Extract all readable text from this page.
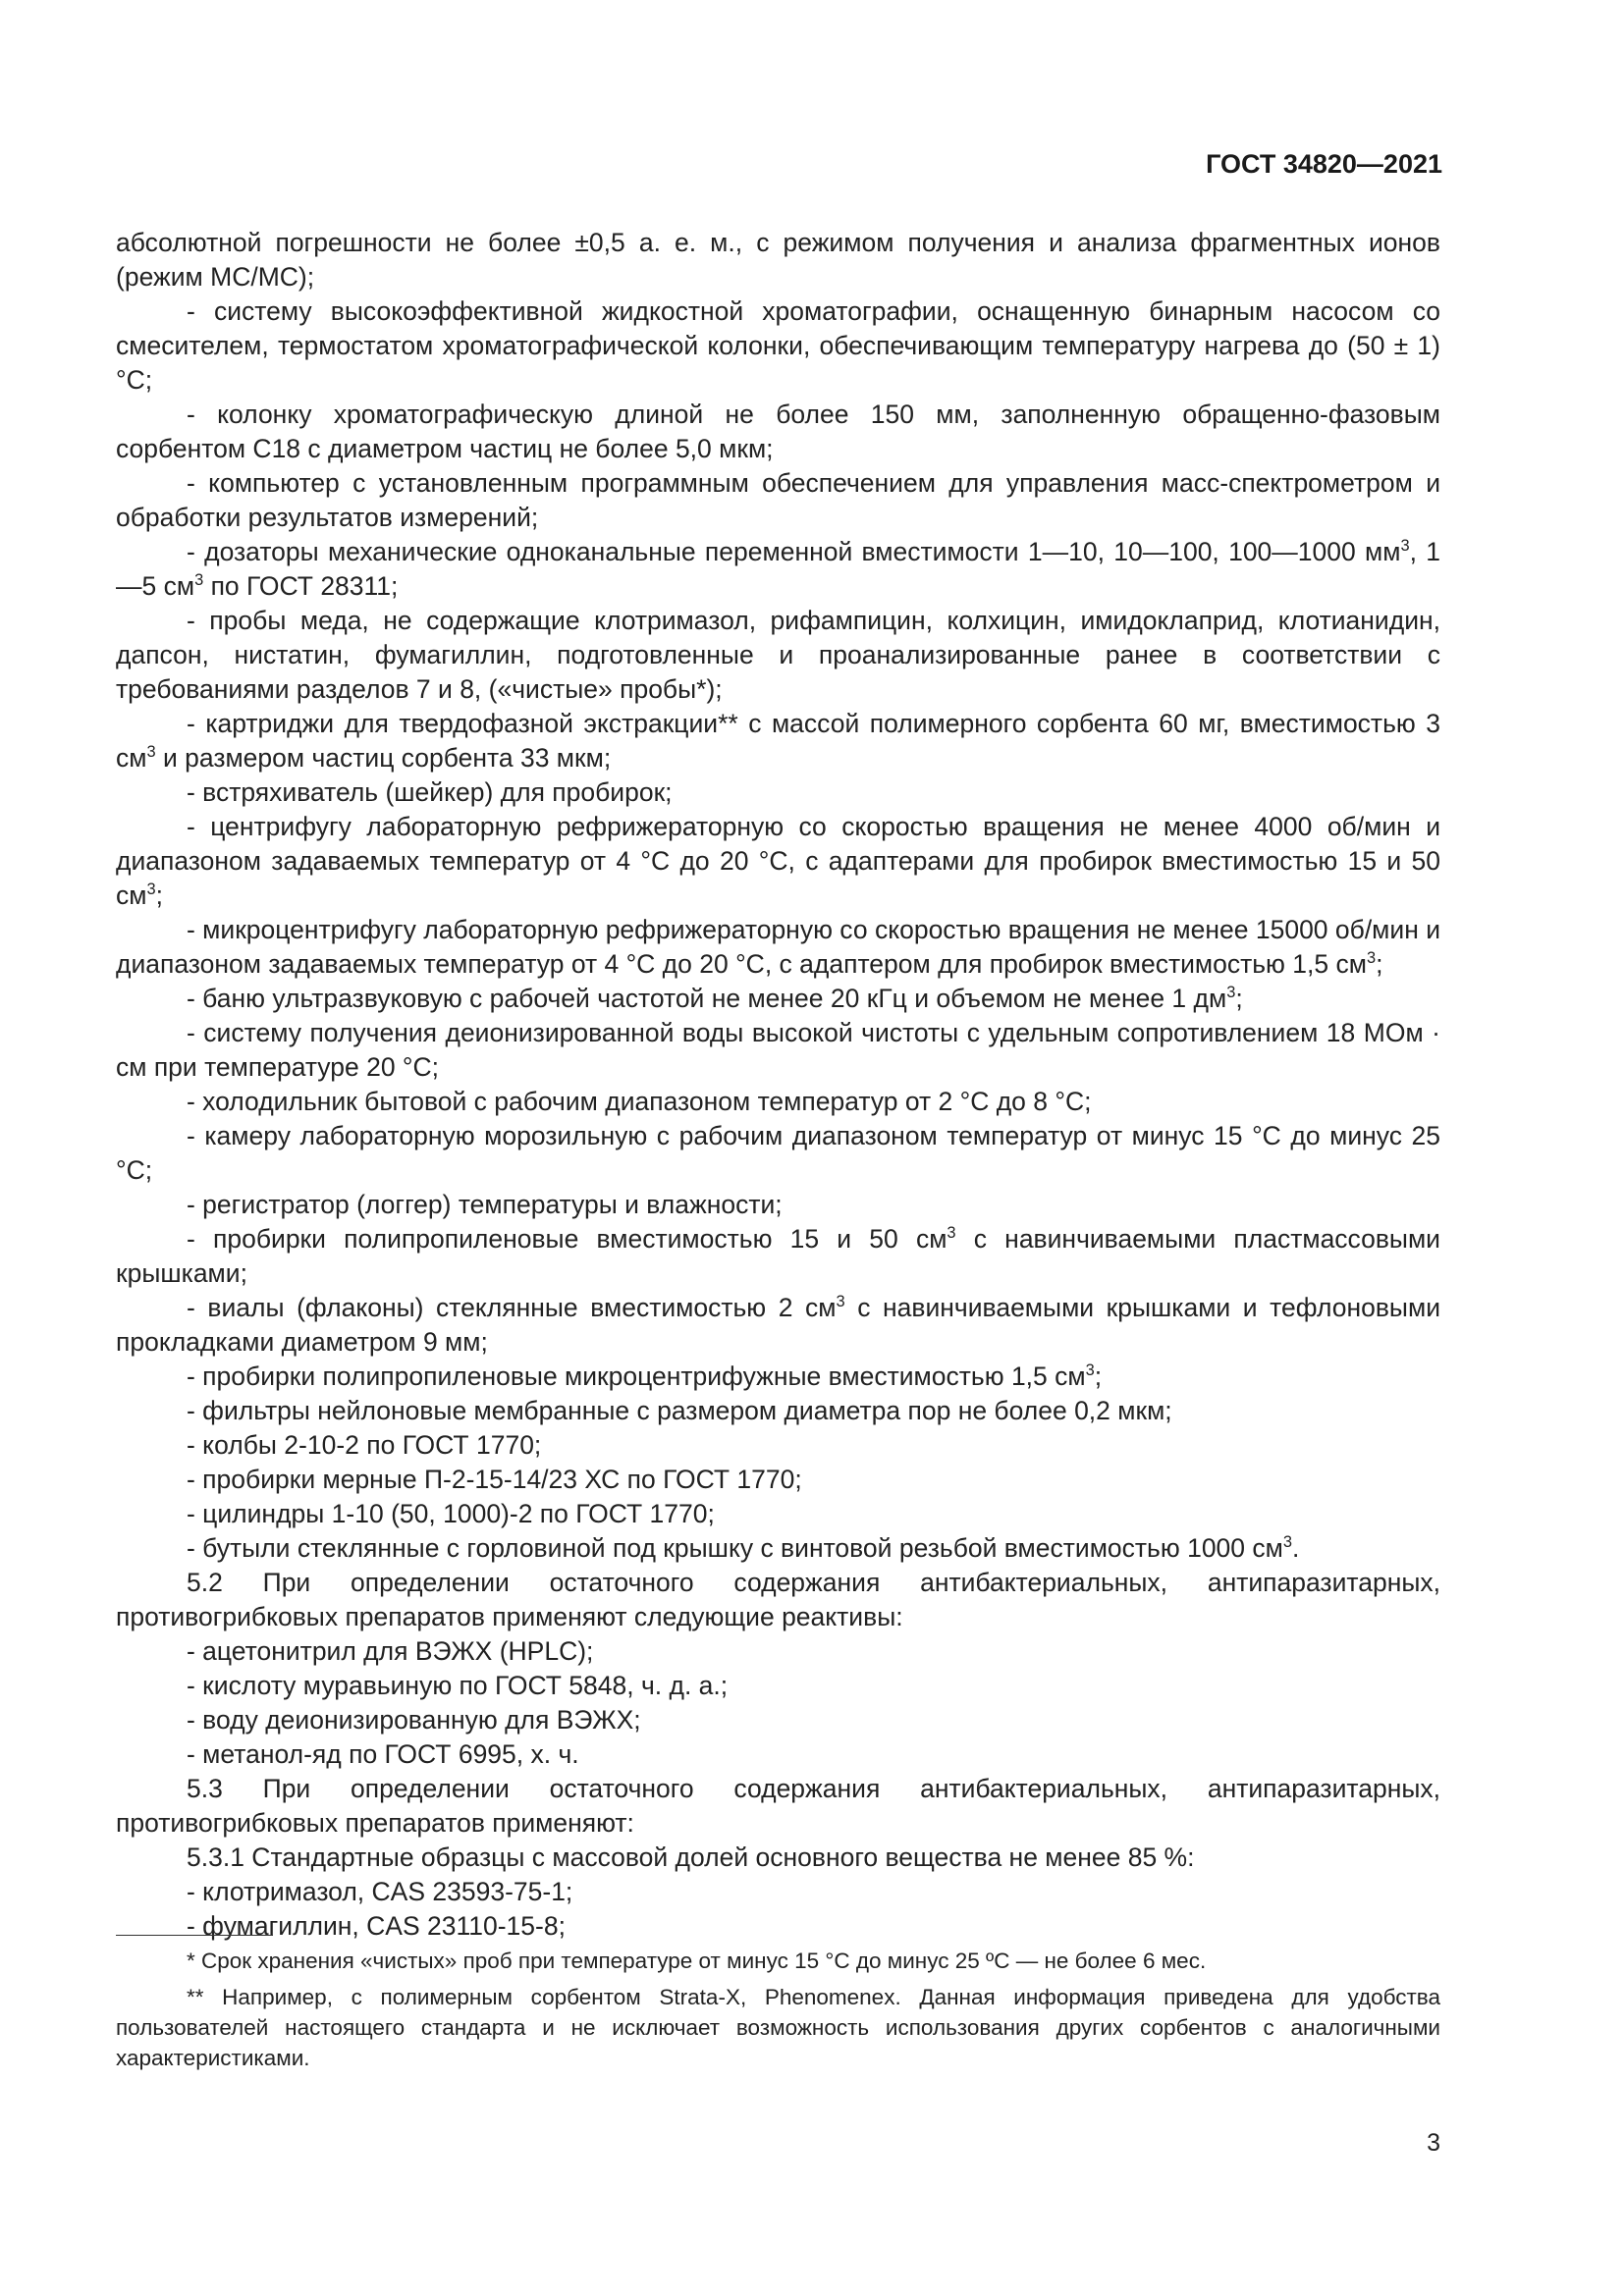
ГОСТ 34820—2021

абсолютной погрешности не более ±0,5 а. е. м., с режимом получения и анализа фрагментных ионов (режим МС/МС);

- систему высокоэффективной жидкостной хроматографии, оснащенную бинарным насосом со смесителем, термостатом хроматографической колонки, обеспечивающим температуру нагрева до (50 ± 1) °С;

- колонку хроматографическую длиной не более 150 мм, заполненную обращенно-фазовым сорбентом С18 с диаметром частиц не более 5,0 мкм;

- компьютер с установленным программным обеспечением для управления масс-спектрометром и обработки результатов измерений;

- дозаторы механические одноканальные переменной вместимости 1—10, 10—100, 100—1000 $мм^3$, 1—5 $см^3$ по ГОСТ 28311;

- пробы меда, не содержащие клотримазол, рифампицин, колхицин, имидоклаприд, клотианидин, дапсон, нистатин, фумагиллин, подготовленные и проанализированные ранее в соответствии с требованиями разделов 7 и 8, («чистые» пробы*);

- картриджи для твердофазной экстракции** с массой полимерного сорбента 60 мг, вместимостью 3 $см^3$ и размером частиц сорбента 33 мкм;

- встряхиватель (шейкер) для пробирок;

- центрифугу лабораторную рефрижераторную со скоростью вращения не менее 4000 об/мин и диапазоном задаваемых температур от 4 °С до 20 °С, с адаптерами для пробирок вместимостью 15 и 50 $см^3$;

- микроцентрифугу лабораторную рефрижераторную со скоростью вращения не менее 15000 об/мин и диапазоном задаваемых температур от 4 °С до 20 °С, с адаптером для пробирок вместимостью 1,5 $см^3$;

- баню ультразвуковую с рабочей частотой не менее 20 кГц и объемом не менее 1 $дм^3$;

- систему получения деионизированной воды высокой чистоты с удельным сопротивлением 18 МОм · см при температуре 20 °С;

- холодильник бытовой с рабочим диапазоном температур от 2 °С до 8 °С;

- камеру лабораторную морозильную с рабочим диапазоном температур от минус 15 °С до минус 25 °С;

- регистратор (логгер) температуры и влажности;

- пробирки полипропиленовые вместимостью 15 и 50 $см^3$ с навинчиваемыми пластмассовыми крышками;

- виалы (флаконы) стеклянные вместимостью 2 $см^3$ с навинчиваемыми крышками и тефлоновыми прокладками диаметром 9 мм;

- пробирки полипропиленовые микроцентрифужные вместимостью 1,5 $см^3$;

- фильтры нейлоновые мембранные с размером диаметра пор не более 0,2 мкм;

- колбы 2-10-2 по ГОСТ 1770;

- пробирки мерные П-2-15-14/23 ХС по ГОСТ 1770;

- цилиндры 1-10 (50, 1000)-2 по ГОСТ 1770;

- бутыли стеклянные с горловиной под крышку с винтовой резьбой вместимостью 1000 $см^3$.

5.2 При определении остаточного содержания антибактериальных, антипаразитарных, противогрибковых препаратов применяют следующие реактивы:

- ацетонитрил для ВЭЖХ (HPLC);

- кислоту муравьиную по ГОСТ 5848, ч. д. а.;

- воду деионизированную для ВЭЖХ;

- метанол-яд по ГОСТ 6995, х. ч.

5.3 При определении остаточного содержания антибактериальных, антипаразитарных, противогрибковых препаратов применяют:

5.3.1 Стандартные образцы с массовой долей основного вещества не менее 85 %:

- клотримазол, CAS 23593-75-1;

- фумагиллин, CAS 23110-15-8;

* Срок хранения «чистых» проб при температуре от минус 15 °С до минус 25 ºС — не более 6 мес.

** Например, с полимерным сорбентом Strata-X, Phenomenex. Данная информация приведена для удобства пользователей настоящего стандарта и не исключает возможность использования других сорбентов с аналогичными характеристиками.

3
